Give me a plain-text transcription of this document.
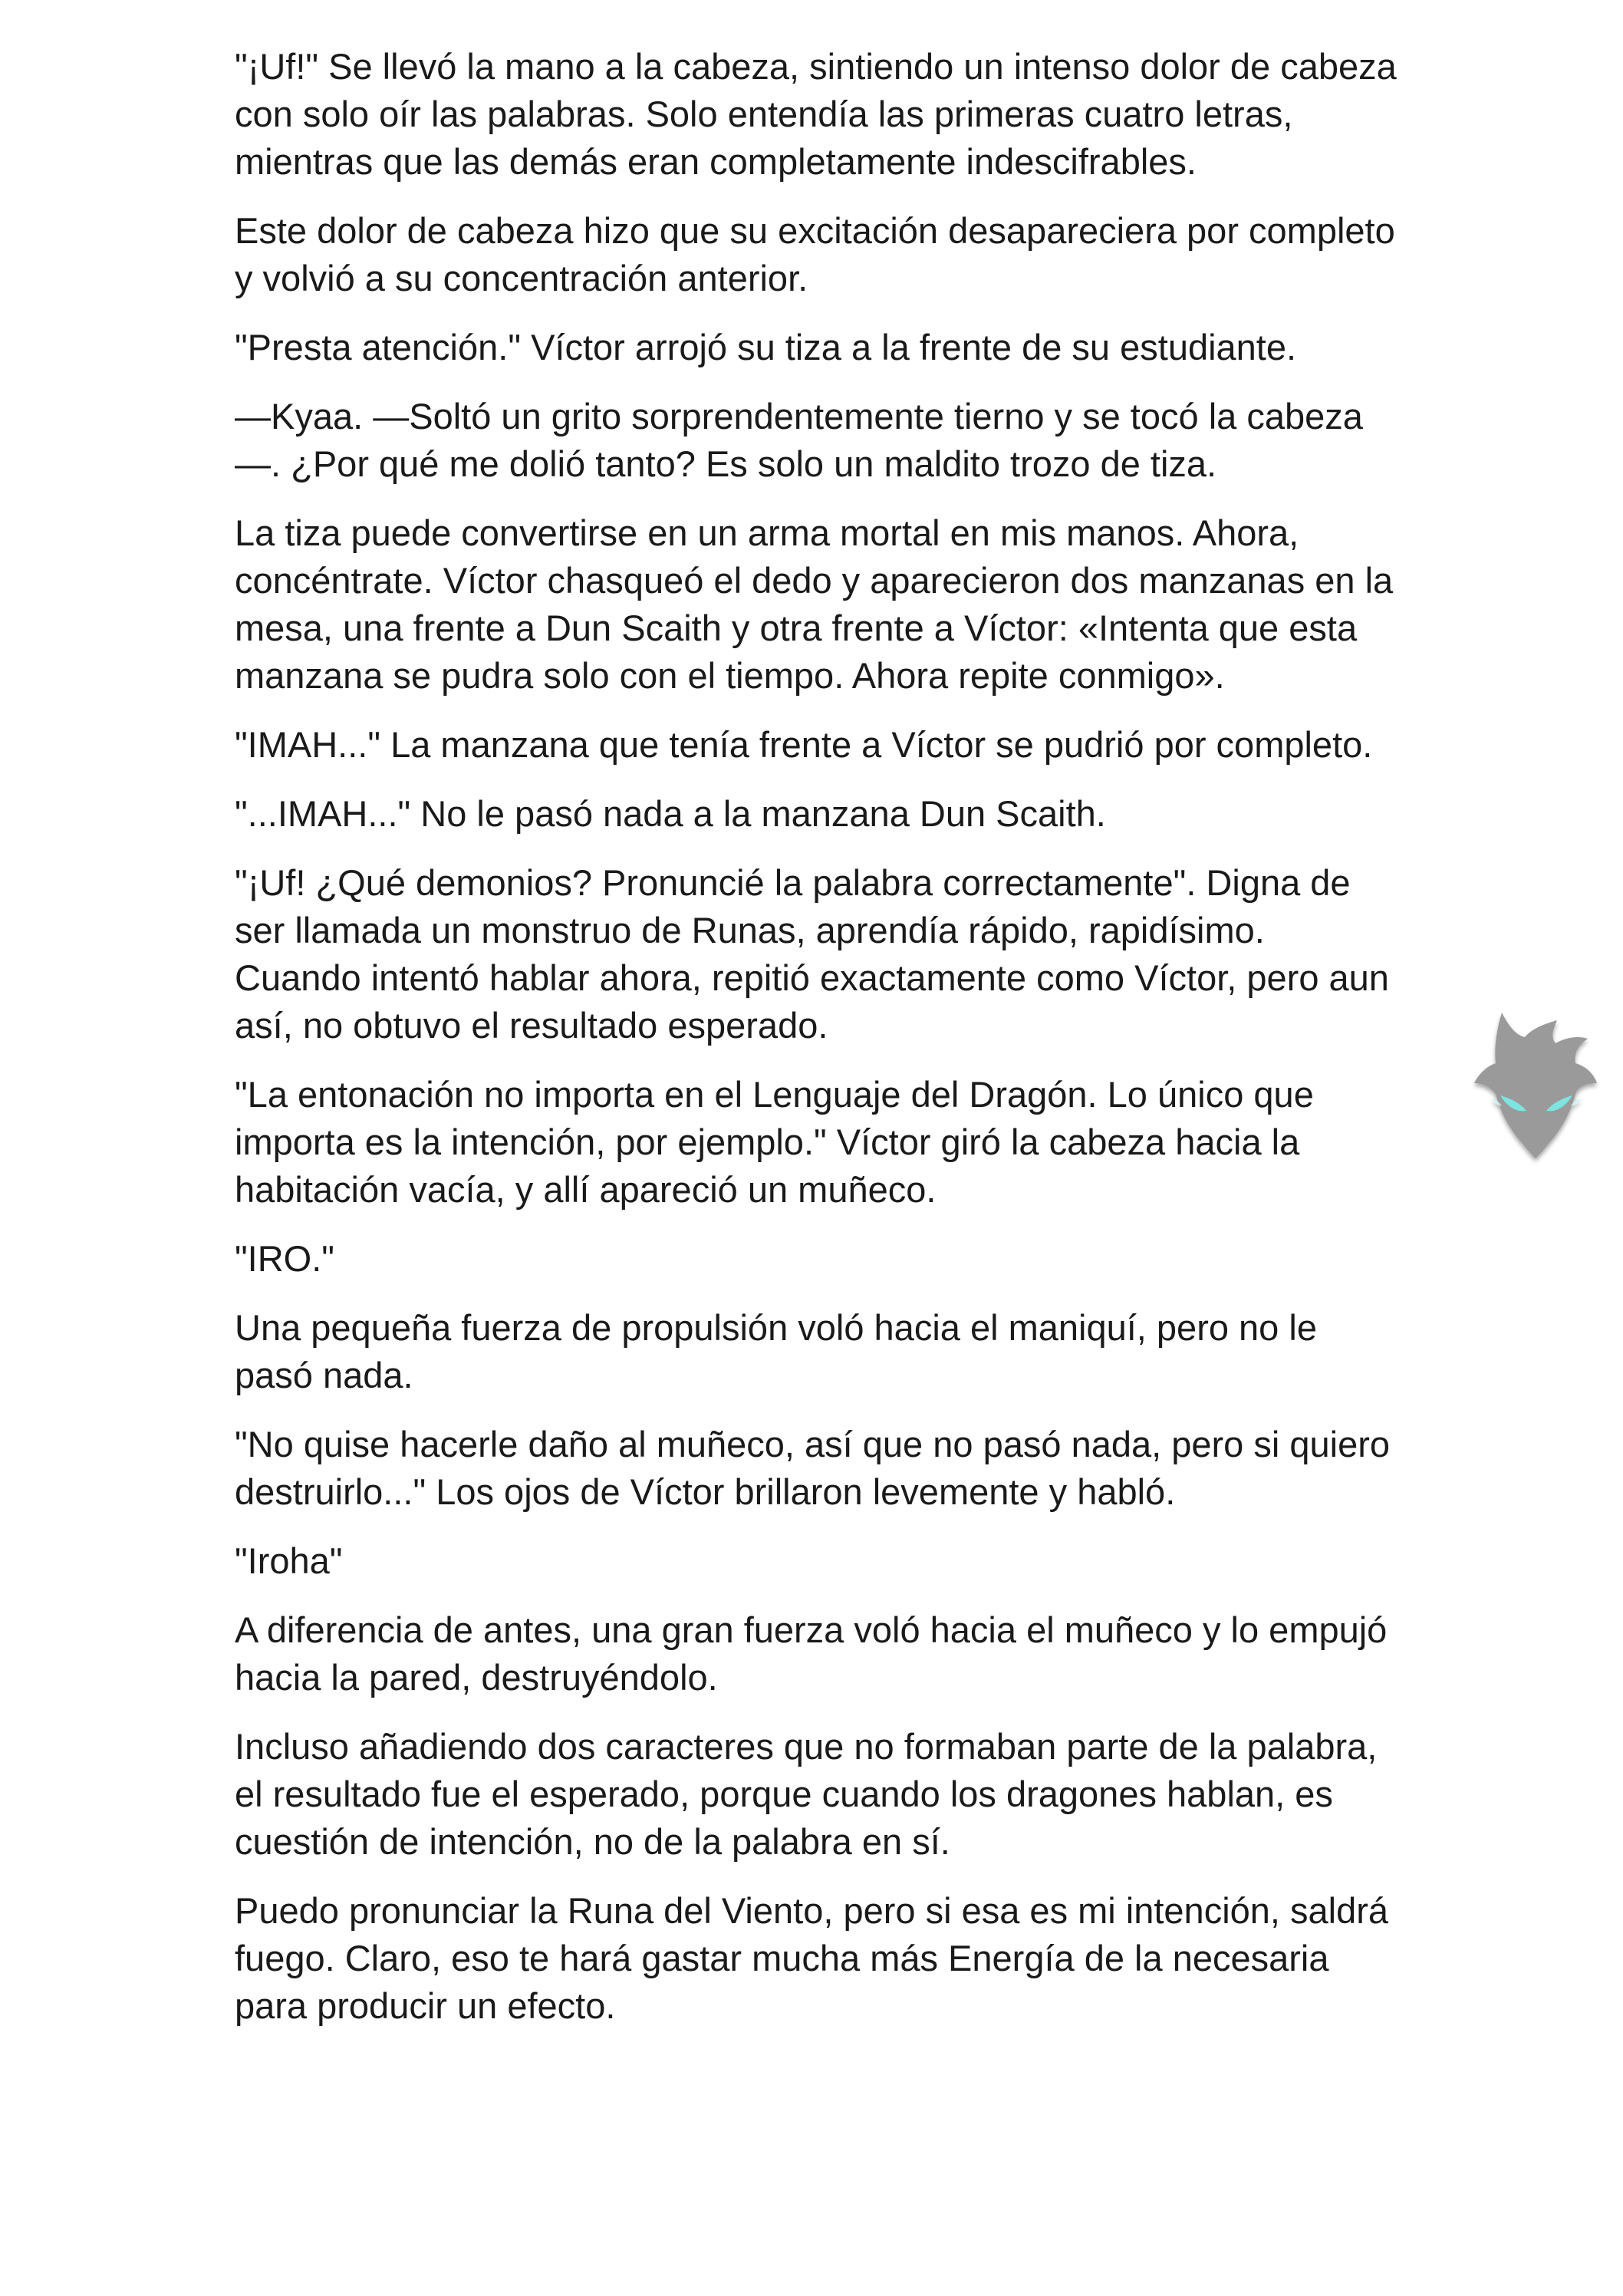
"¡Uf!" Se llevó la mano a la cabeza, sintiendo un intenso dolor de cabeza con solo oír las palabras. Solo entendía las primeras cuatro letras, mientras que las demás eran completamente indescifrables.

Este dolor de cabeza hizo que su excitación desapareciera por completo y volvió a su concentración anterior.

"Presta atención." Víctor arrojó su tiza a la frente de su estudiante.

—Kyaa. —Soltó un grito sorprendentemente tierno y se tocó la cabeza—. ¿Por qué me dolió tanto? Es solo un maldito trozo de tiza.

La tiza puede convertirse en un arma mortal en mis manos. Ahora, concéntrate. Víctor chasqueó el dedo y aparecieron dos manzanas en la mesa, una frente a Dun Scaith y otra frente a Víctor: «Intenta que esta manzana se pudra solo con el tiempo. Ahora repite conmigo».

"IMAH..." La manzana que tenía frente a Víctor se pudrió por completo.

"...IMAH..." No le pasó nada a la manzana Dun Scaith.

"¡Uf! ¿Qué demonios? Pronuncié la palabra correctamente". Digna de ser llamada un monstruo de Runas, aprendía rápido, rapidísimo. Cuando intentó hablar ahora, repitió exactamente como Víctor, pero aun así, no obtuvo el resultado esperado.

"La entonación no importa en el Lenguaje del Dragón. Lo único que importa es la intención, por ejemplo." Víctor giró la cabeza hacia la habitación vacía, y allí apareció un muñeco.

"IRO."

Una pequeña fuerza de propulsión voló hacia el maniquí, pero no le pasó nada.

"No quise hacerle daño al muñeco, así que no pasó nada, pero si quiero destruirlo..." Los ojos de Víctor brillaron levemente y habló.

"Iroha"

A diferencia de antes, una gran fuerza voló hacia el muñeco y lo empujó hacia la pared, destruyéndolo.

Incluso añadiendo dos caracteres que no formaban parte de la palabra, el resultado fue el esperado, porque cuando los dragones hablan, es cuestión de intención, no de la palabra en sí.

Puedo pronunciar la Runa del Viento, pero si esa es mi intención, saldrá fuego. Claro, eso te hará gastar mucha más Energía de la necesaria para producir un efecto.
